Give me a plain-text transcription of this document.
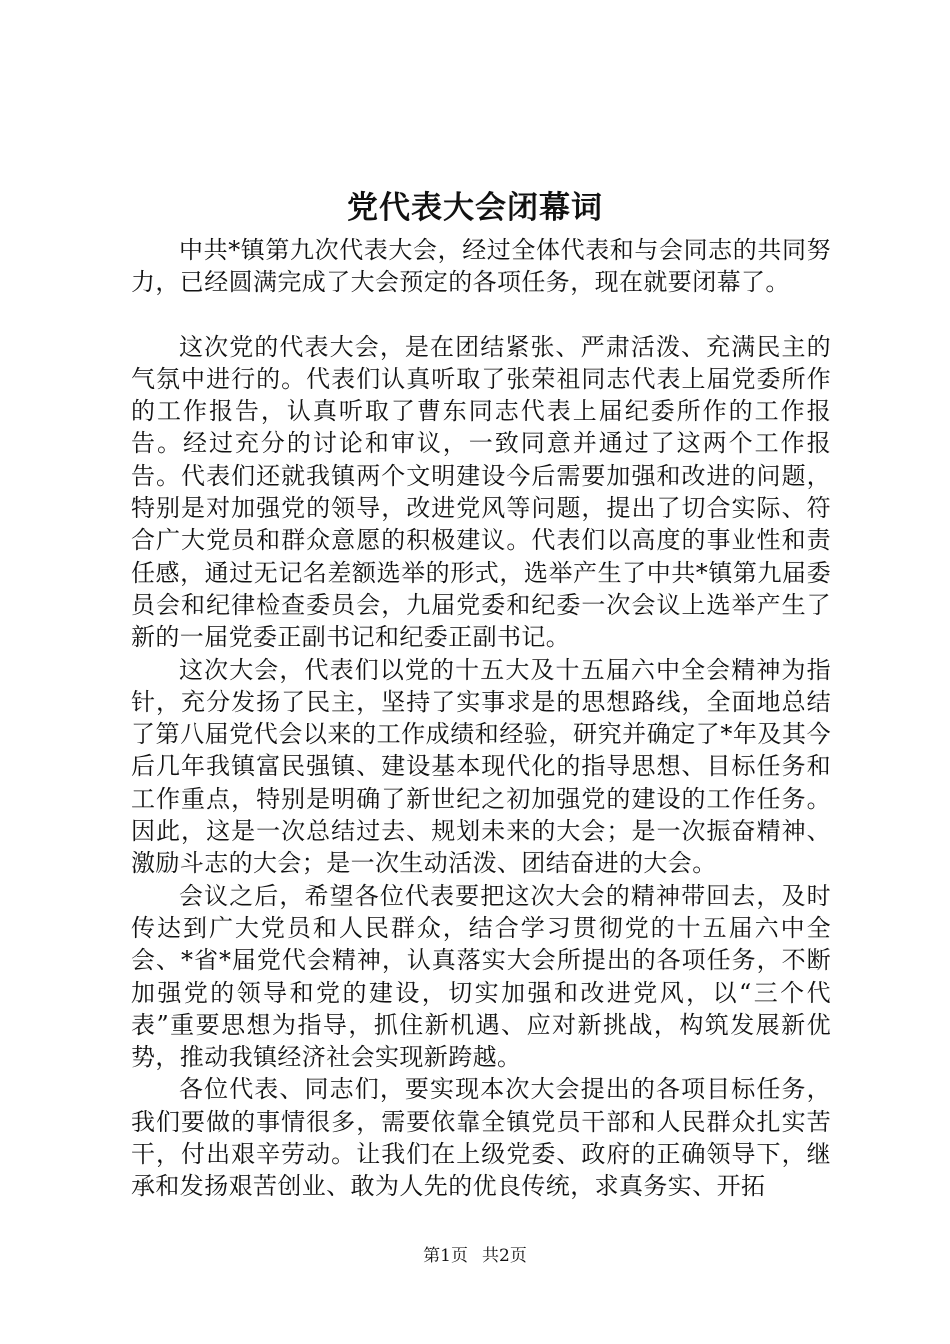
党代表大会闭幕词

中共*镇第九次代表大会，经过全体代表和与会同志的共同努力，已经圆满完成了大会预定的各项任务，现在就要闭幕了。

这次党的代表大会，是在团结紧张、严肃活泼、充满民主的气氛中进行的。代表们认真听取了张荣祖同志代表上届党委所作的工作报告，认真听取了曹东同志代表上届纪委所作的工作报告。经过充分的讨论和审议，一致同意并通过了这两个工作报告。代表们还就我镇两个文明建设今后需要加强和改进的问题，特别是对加强党的领导，改进党风等问题，提出了切合实际、符合广大党员和群众意愿的积极建议。代表们以高度的事业性和责任感，通过无记名差额选举的形式，选举产生了中共*镇第九届委员会和纪律检查委员会，九届党委和纪委一次会议上选举产生了新的一届党委正副书记和纪委正副书记。

这次大会，代表们以党的十五大及十五届六中全会精神为指针，充分发扬了民主，坚持了实事求是的思想路线，全面地总结了第八届党代会以来的工作成绩和经验，研究并确定了*年及其今后几年我镇富民强镇、建设基本现代化的指导思想、目标任务和工作重点，特别是明确了新世纪之初加强党的建设的工作任务。因此，这是一次总结过去、规划未来的大会；是一次振奋精神、激励斗志的大会；是一次生动活泼、团结奋进的大会。

会议之后，希望各位代表要把这次大会的精神带回去，及时传达到广大党员和人民群众，结合学习贯彻党的十五届六中全会、*省*届党代会精神，认真落实大会所提出的各项任务，不断加强党的领导和党的建设，切实加强和改进党风，以“三个代表”重要思想为指导，抓住新机遇、应对新挑战，构筑发展新优势，推动我镇经济社会实现新跨越。

各位代表、同志们，要实现本次大会提出的各项目标任务，我们要做的事情很多，需要依靠全镇党员干部和人民群众扎实苦干，付出艰辛劳动。让我们在上级党委、政府的正确领导下，继承和发扬艰苦创业、敢为人先的优良传统，求真务实、开拓

第1页 共2页
